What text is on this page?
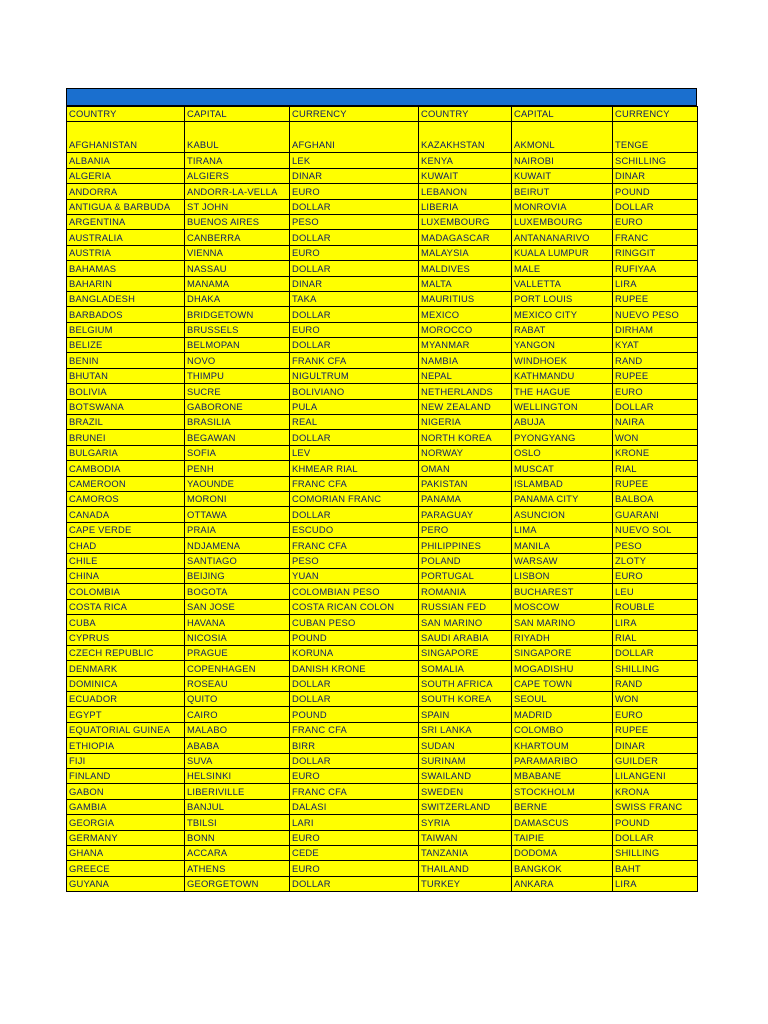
COUNTRY	CAPITAL	CURRENCY	COUNTRY	CAPITAL	CURRENCY
AFGHANISTAN	KABUL	AFGHANI	KAZAKHSTAN	AKMONL	TENGE
ALBANIA	TIRANA	LEK	KENYA	NAIROBI	SCHILLING
ALGERIA	ALGIERS	DINAR	KUWAIT	KUWAIT	DINAR
ANDORRA	ANDORR-LA-VELLA	EURO	LEBANON	BEIRUT	POUND
ANTIGUA & BARBUDA	ST JOHN	DOLLAR	LIBERIA	MONROVIA	DOLLAR
ARGENTINA	BUENOS AIRES	PESO	LUXEMBOURG	LUXEMBOURG	EURO
AUSTRALIA	CANBERRA	DOLLAR	MADAGASCAR	ANTANANARIVO	FRANC
AUSTRIA	VIENNA	EURO	MALAYSIA	KUALA LUMPUR	RINGGIT
BAHAMAS	NASSAU	DOLLAR	MALDIVES	MALE	RUFIYAA
BAHARIN	MANAMA	DINAR	MALTA	VALLETTA	LIRA
BANGLADESH	DHAKA	TAKA	MAURITIUS	PORT LOUIS	RUPEE
BARBADOS	BRIDGETOWN	DOLLAR	MEXICO	MEXICO CITY	NUEVO PESO
BELGIUM	BRUSSELS	EURO	MOROCCO	RABAT	DIRHAM
BELIZE	BELMOPAN	DOLLAR	MYANMAR	YANGON	KYAT
BENIN	NOVO	FRANK CFA	NAMBIA	WINDHOEK	RAND
BHUTAN	THIMPU	NIGULTRUM	NEPAL	KATHMANDU	RUPEE
BOLIVIA	SUCRE	BOLIVIANO	NETHERLANDS	THE HAGUE	EURO
BOTSWANA	GABORONE	PULA	NEW ZEALAND	WELLINGTON	DOLLAR
BRAZIL	BRASILIA	REAL	NIGERIA	ABUJA	NAIRA
BRUNEI	BEGAWAN	DOLLAR	NORTH KOREA	PYONGYANG	WON
BULGARIA	SOFIA	LEV	NORWAY	OSLO	KRONE
CAMBODIA	PENH	KHMEAR RIAL	OMAN	MUSCAT	RIAL
CAMEROON	YAOUNDE	FRANC CFA	PAKISTAN	ISLAMBAD	RUPEE
CAMOROS	MORONI	COMORIAN FRANC	PANAMA	PANAMA CITY	BALBOA
CANADA	OTTAWA	DOLLAR	PARAGUAY	ASUNCION	GUARANI
CAPE VERDE	PRAIA	ESCUDO	PERO	LIMA	NUEVO SOL
CHAD	NDJAMENA	FRANC CFA	PHILIPPINES	MANILA	PESO
CHILE	SANTIAGO	PESO	POLAND	WARSAW	ZLOTY
CHINA	BEIJING	YUAN	PORTUGAL	LISBON	EURO
COLOMBIA	BOGOTA	COLOMBIAN PESO	ROMANIA	BUCHAREST	LEU
COSTA RICA	SAN JOSE	COSTA RICAN COLON	RUSSIAN FED	MOSCOW	ROUBLE
CUBA	HAVANA	CUBAN PESO	SAN MARINO	SAN MARINO	LIRA
CYPRUS	NICOSIA	POUND	SAUDI ARABIA	RIYADH	RIAL
CZECH REPUBLIC	PRAGUE	KORUNA	SINGAPORE	SINGAPORE	DOLLAR
DENMARK	COPENHAGEN	DANISH KRONE	SOMALIA	MOGADISHU	SHILLING
DOMINICA	ROSEAU	DOLLAR	SOUTH AFRICA	CAPE TOWN	RAND
ECUADOR	QUITO	DOLLAR	SOUTH KOREA	SEOUL	WON
EGYPT	CAIRO	POUND	SPAIN	MADRID	EURO
EQUATORIAL GUINEA	MALABO	FRANC CFA	SRI LANKA	COLOMBO	RUPEE
ETHIOPIA	ABABA	BIRR	SUDAN	KHARTOUM	DINAR
FIJI	SUVA	DOLLAR	SURINAM	PARAMARIBO	GUILDER
FINLAND	HELSINKI	EURO	SWAILAND	MBABANE	LILANGENI
GABON	LIBERIVILLE	FRANC CFA	SWEDEN	STOCKHOLM	KRONA
GAMBIA	BANJUL	DALASI	SWITZERLAND	BERNE	SWISS FRANC
GEORGIA	TBILSI	LARI	SYRIA	DAMASCUS	POUND
GERMANY	BONN	EURO	TAIWAN	TAIPIE	DOLLAR
GHANA	ACCARA	CEDE	TANZANIA	DODOMA	SHILLING
GREECE	ATHENS	EURO	THAILAND	BANGKOK	BAHT
GUYANA	GEORGETOWN	DOLLAR	TURKEY	ANKARA	LIRA
